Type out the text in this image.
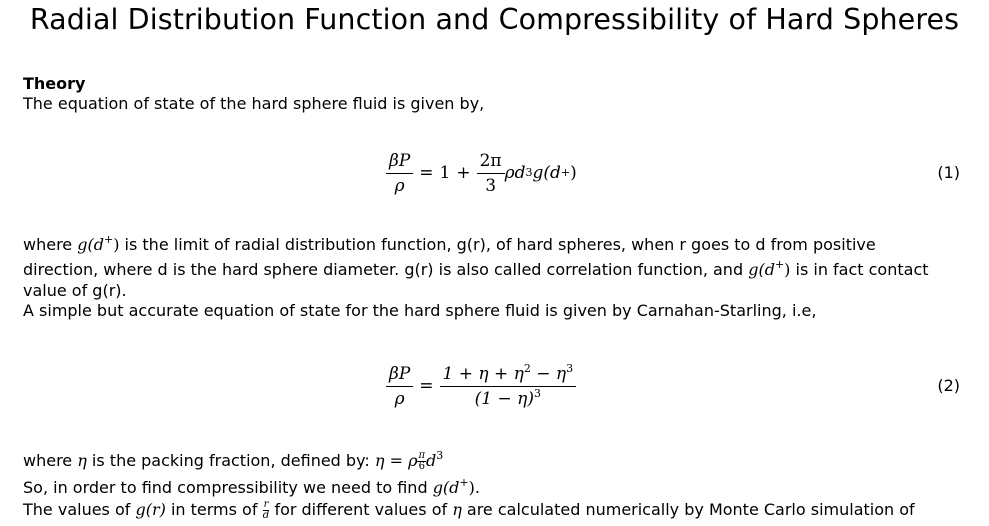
Radial Distribution Function and Compressibility of Hard Spheres
Theory
The equation of state of the hard sphere fluid is given by,
$\frac{\beta P}{\rho} = 1 + \frac{2\pi}{3}$ ρd 3 g(d + )	(1)
where g(d+) is the limit of radial distribution function, g(r), of hard spheres, when r goes to d from positive
direction, where d is the hard sphere diameter. g(r) is also called correlation function, and g(d+) is in fact contact
value of g(r).
A simple but accurate equation of state for the hard sphere fluid is given by Carnahan-Starling, i.e,
$\frac{\beta P}{\rho} = \frac{1 + \eta + \eta^2 - \eta^3}{(1 - \eta)^3}$	(2)
where η is the packing fraction, defined by: η = ρ $\frac{\pi}{6} d^3$
So, in order to find compressibility we need to find g(d+).
The values of g(r) in terms of $\frac{r}{d}$ for different values of η are calculated numerically by Monte Carlo simulation of
